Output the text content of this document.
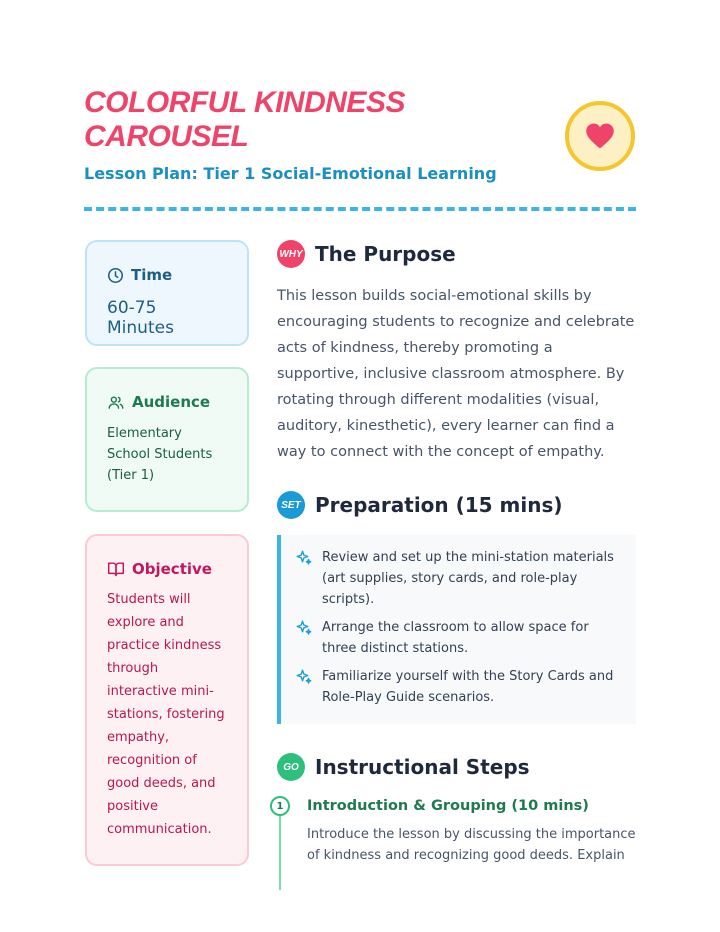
COLORFUL KINDNESS CAROUSEL
Lesson Plan: Tier 1 Social-Emotional Learning
Time
60-75 Minutes
Audience
Elementary School Students (Tier 1)
Objective
Students will explore and practice kindness through interactive mini-stations, fostering empathy, recognition of good deeds, and positive communication.
WHY The Purpose
This lesson builds social-emotional skills by encouraging students to recognize and celebrate acts of kindness, thereby promoting a supportive, inclusive classroom atmosphere. By rotating through different modalities (visual, auditory, kinesthetic), every learner can find a way to connect with the concept of empathy.
SET Preparation (15 mins)
Review and set up the mini-station materials (art supplies, story cards, and role-play scripts).
Arrange the classroom to allow space for three distinct stations.
Familiarize yourself with the Story Cards and Role-Play Guide scenarios.
GO Instructional Steps
1	Introduction & Grouping (10 mins)
Introduce the lesson by discussing the importance of kindness and recognizing good deeds. Explain
